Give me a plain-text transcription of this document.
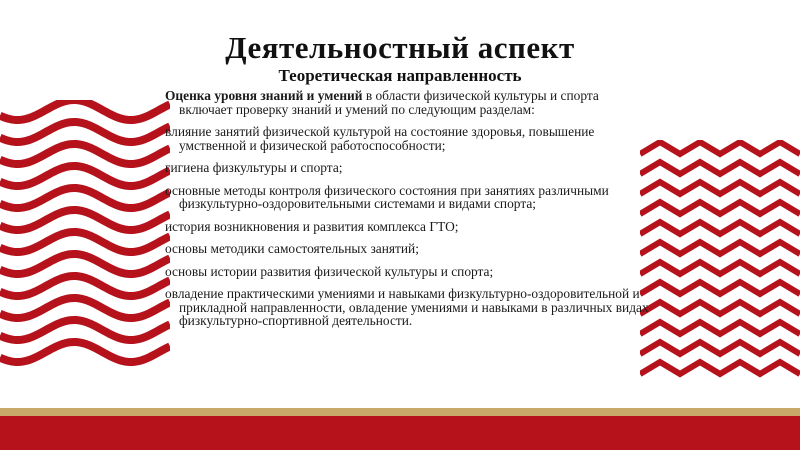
Деятельностный аспект
Теоретическая направленность

Оценка уровня знаний и умений в области физической культуры и спорта включает проверку знаний и умений по следующим разделам:

влияние занятий физической культурой на состояние здоровья, повышение умственной и физической работоспособности;

гигиена физкультуры и спорта;

основные методы контроля физического состояния при занятиях различными физкультурно-оздоровительными системами и видами спорта;

история возникновения и развития комплекса ГТО;

основы методики самостоятельных занятий;

основы истории развития физической культуры и спорта;

овладение практическими умениями и навыками физкультурно-оздоровительной и прикладной направленности, овладение умениями и навыками в различных видах физкультурно-спортивной деятельности.
